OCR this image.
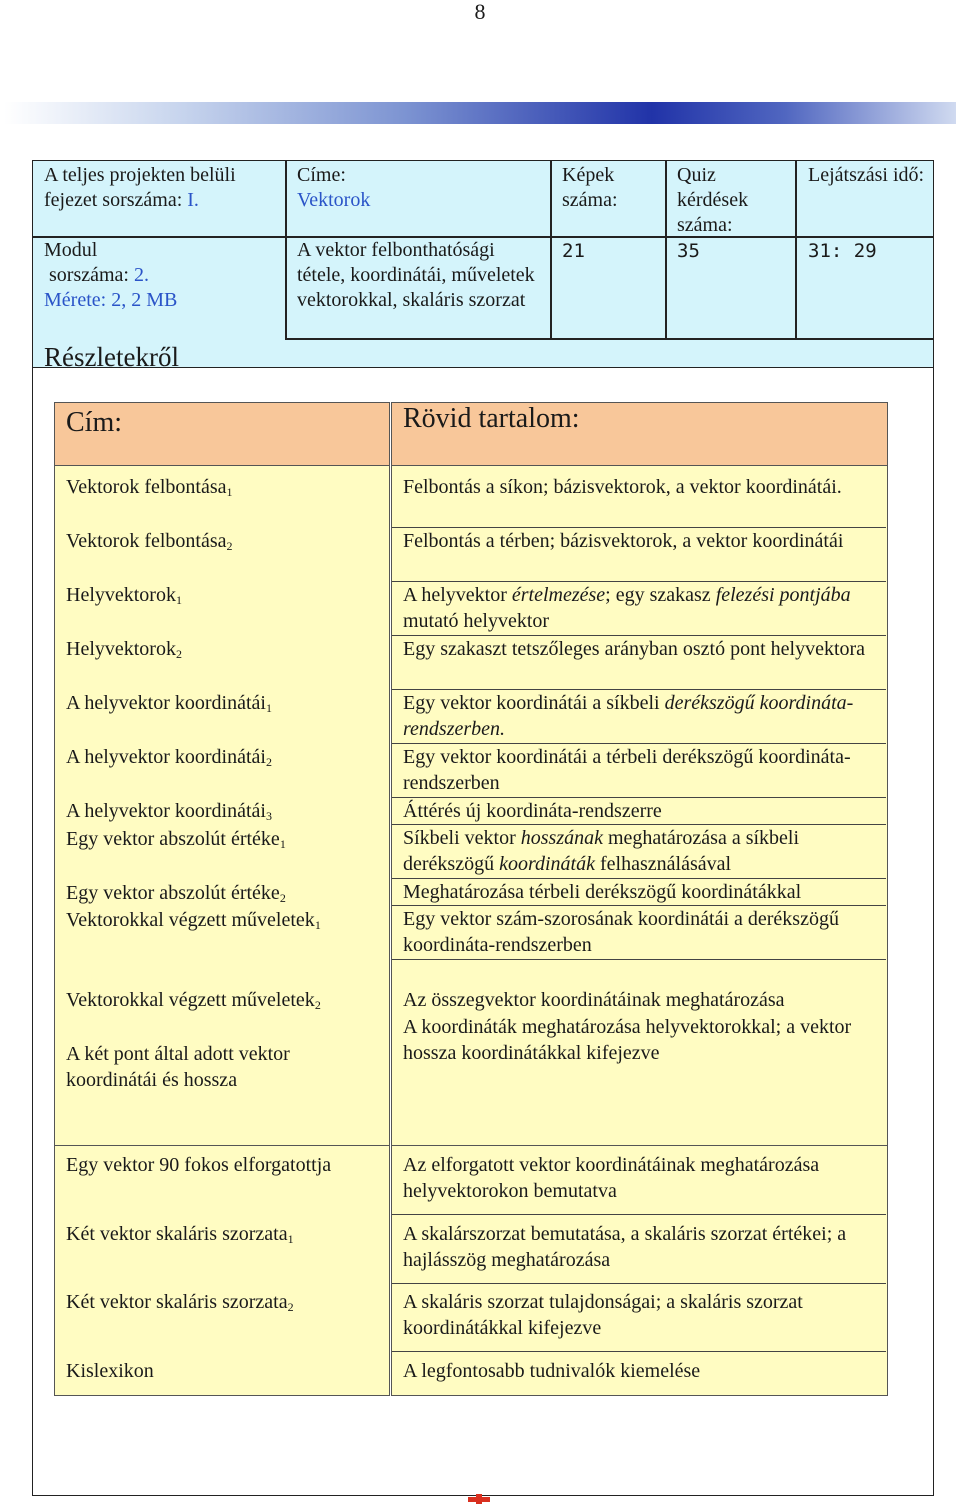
8
A teljes projekten belüli fejezet sorszáma: I.
Címe:
Vektorok
Képek száma:
Quiz kérdések száma:
Lejátszási idő:
Modul
sorszáma: 2.
Mérete: 2, 2 MB
A vektor felbonthatósági tétele, koordinátái, műveletek vektorokkal, skaláris szorzat
21	35	31: 29
Részletekről
Cím:
Vektorok felbontása$_1$
Vektorok felbontása$_2$
Helyvektorok$_1$
Helyvektorok$_2$
A helyvektor koordinátái$_1$
A helyvektor koordinátái$_2$
A helyvektor koordinátái$_3$
Egy vektor abszolút értéke$_1$
Egy vektor abszolút értéke$_2$
Vektorokkal végzett műveletek$_1$
Vektorokkal végzett műveletek$_2$
A két pont által adott vektor koordinátái és hossza
Egy vektor 90 fokos elforgatottja
Két vektor skaláris szorzata$_1$
Két vektor skaláris szorzata$_2$
Kislexikon
Rövid tartalom:
Felbontás a síkon; bázisvektorok, a vektor koordinátái.
Felbontás a térben; bázisvektorok, a vektor koordinátái
A helyvektor értelmezése; egy szakasz felezési pontjába mutató helyvektor
Egy szakaszt tetszőleges arányban osztó pont helyvektora
Egy vektor koordinátái a síkbeli derékszögű koordináta- rendszerben.
Egy vektor koordinátái a térbeli derékszögű koordináta-rendszerben
Áttérés új koordináta-rendszerre
Síkbeli vektor hosszának meghatározása a síkbeli derékszögű koordináták felhasználásával
Meghatározása térbeli derékszögű koordinátákkal
Egy vektor szám-szorosának koordinátái a derékszögű koordináta-rendszerben
Az összegvektor koordinátáinak meghatározása
A koordináták meghatározása helyvektorokkal; a vektor hossza koordinátákkal kifejezve
Az elforgatott vektor koordinátáinak meghatározása helyvektorokon bemutatva
A skalárszorzat bemutatása, a skaláris szorzat értékei; a hajlásszög meghatározása
A skaláris szorzat tulajdonságai; a skaláris szorzat koordinátákkal kifejezve
A legfontosabb tudnivalók kiemelése
